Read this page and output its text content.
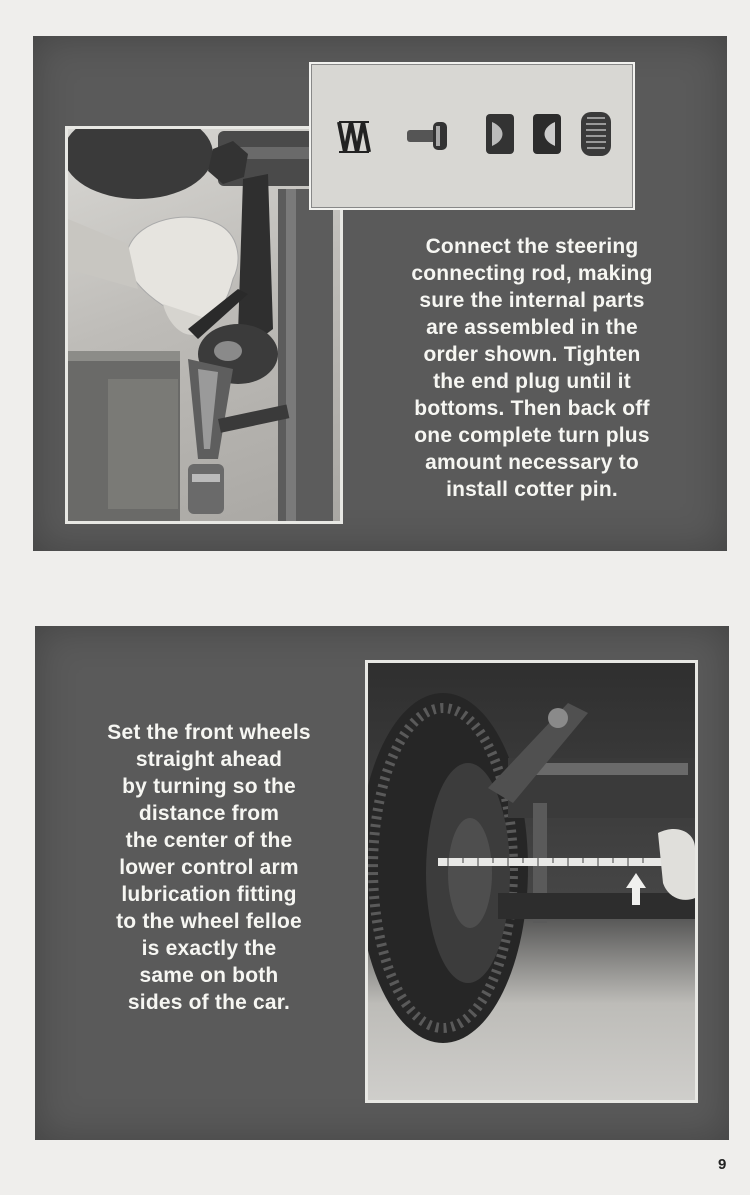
Connect the steering
connecting rod, making
sure the internal parts
are assembled in the
order shown. Tighten
the end plug until it
bottoms. Then back off
one complete turn plus
amount necessary to
install cotter pin.
Set the front wheels
straight ahead
by turning so the
distance from
the center of the
lower control arm
lubrication fitting
to the wheel felloe
is exactly the
same on both
sides of the car.
9
